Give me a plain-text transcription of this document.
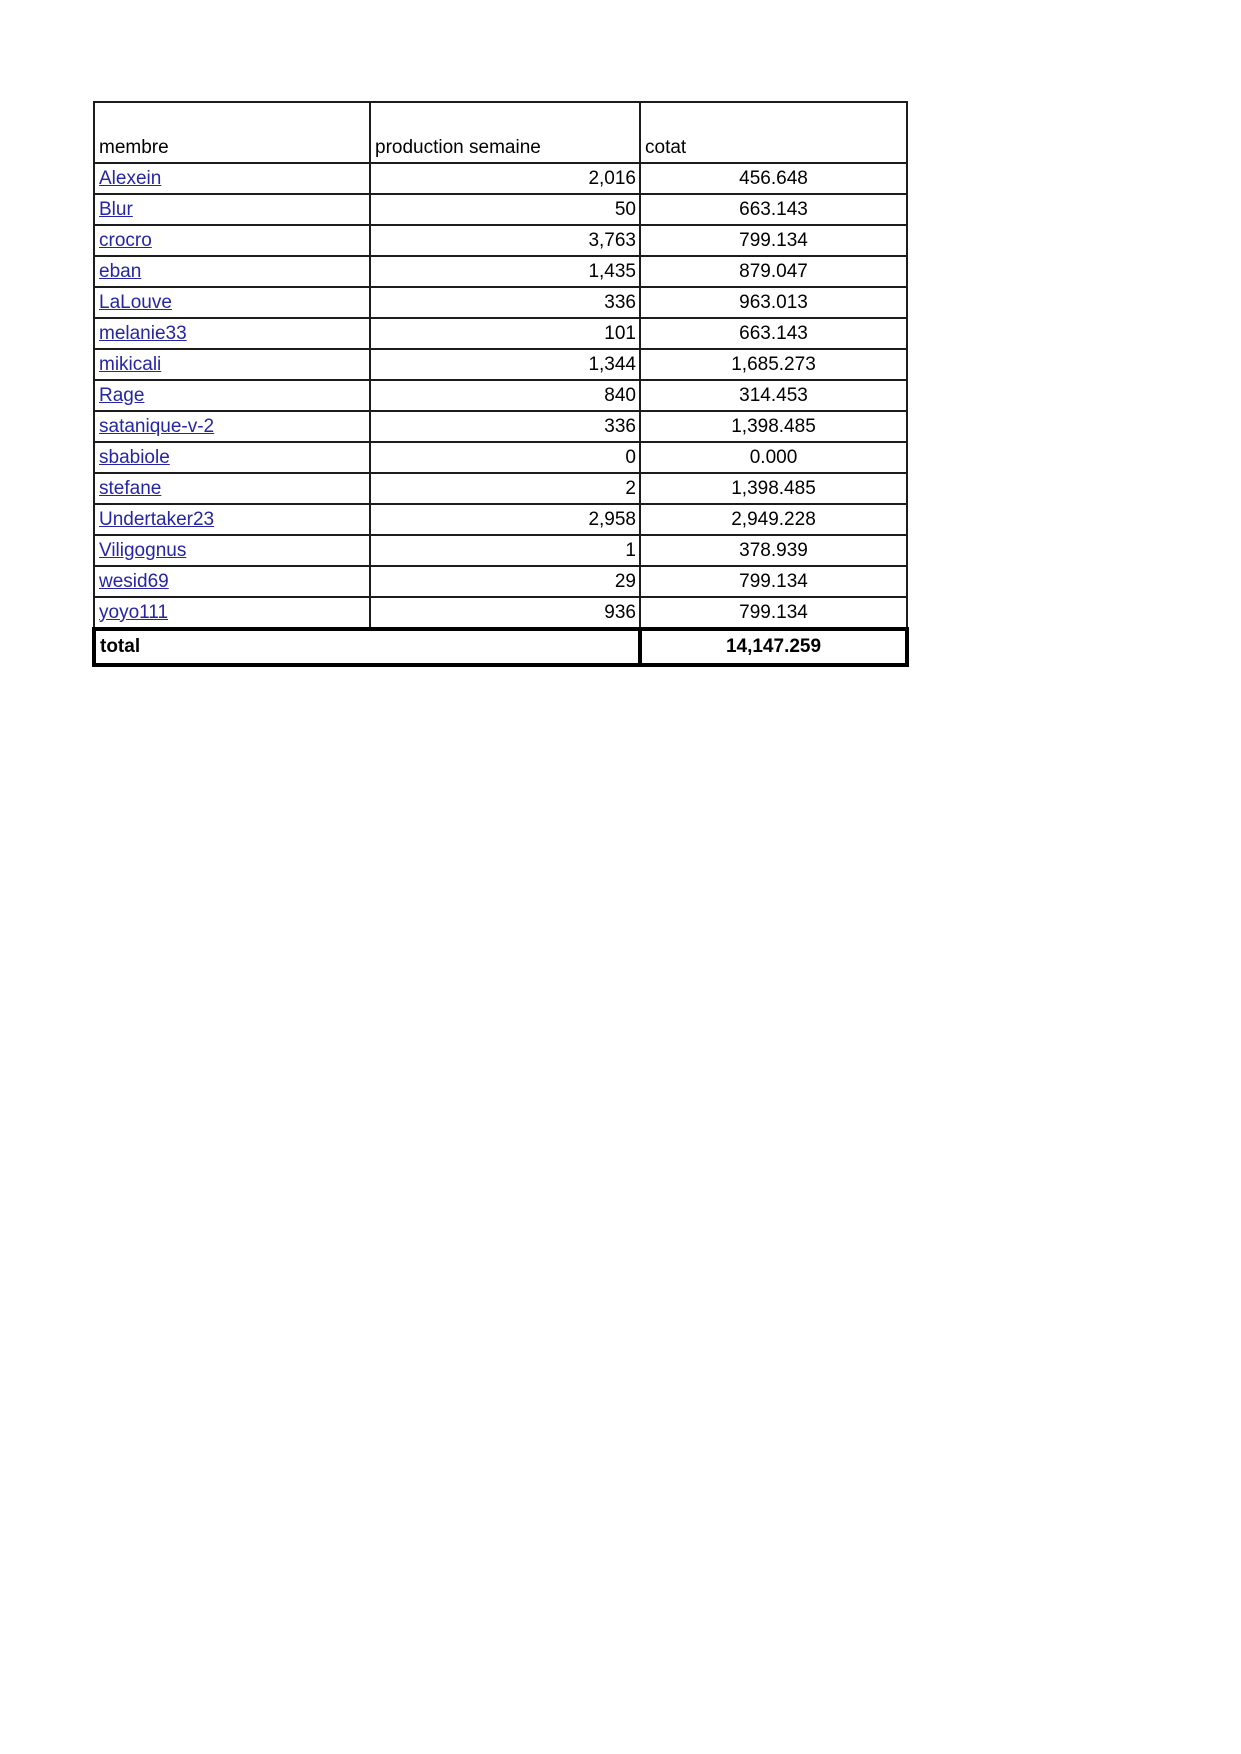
membre	production semaine	cotat
Alexein	2,016	456.648
Blur	50	663.143
crocro	3,763	799.134
eban	1,435	879.047
LaLouve	336	963.013
melanie33	101	663.143
mikicali	1,344	1,685.273
Rage	840	314.453
satanique-v-2	336	1,398.485
sbabiole	0	0.000
stefane	2	1,398.485
Undertaker23	2,958	2,949.228
Viligognus	1	378.939
wesid69	29	799.134
yoyo111	936	799.134
total		14,147.259
